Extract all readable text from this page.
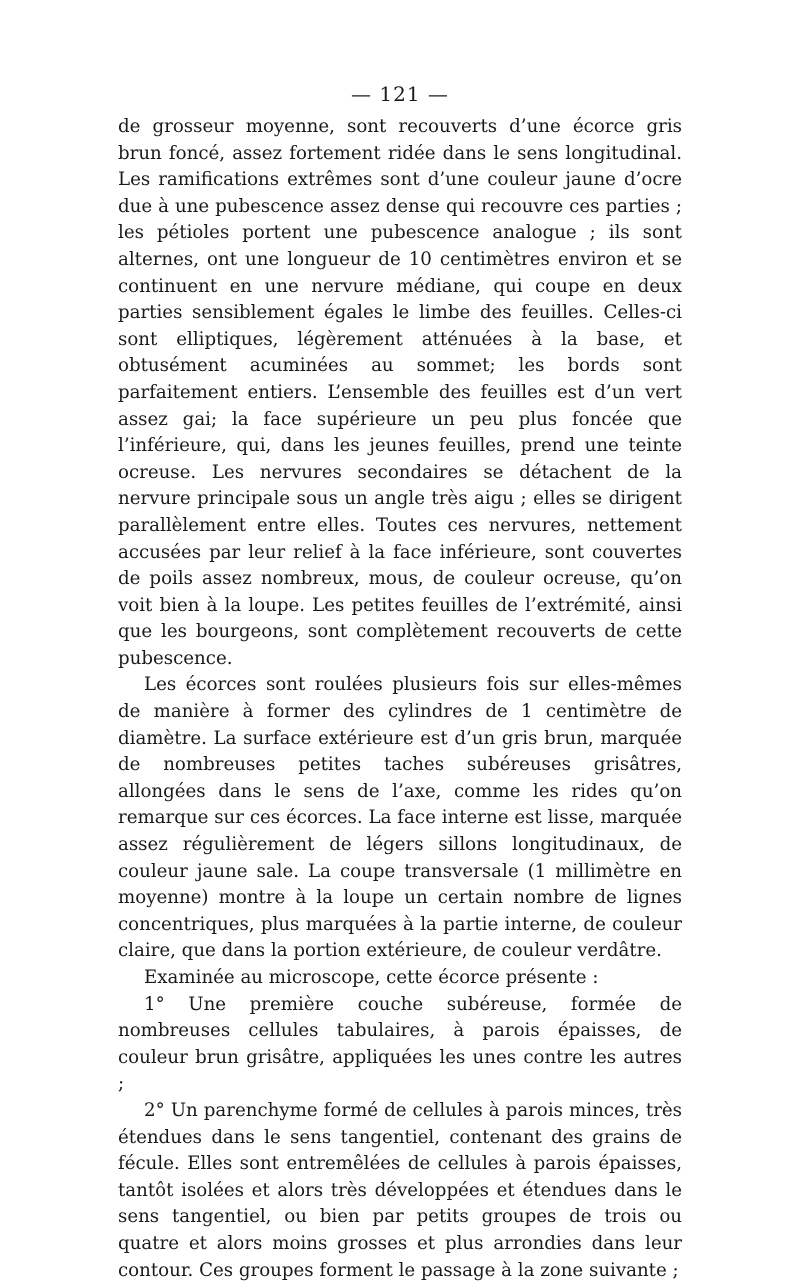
— 121 —

de grosseur moyenne, sont recouverts d’une écorce gris brun foncé, assez fortement ridée dans le sens longitudinal. Les ramifications extrêmes sont d’une couleur jaune d’ocre due à une pubescence assez dense qui recouvre ces parties ; les pétioles portent une pubescence analogue ; ils sont alternes, ont une longueur de 10 centimètres environ et se continuent en une nervure médiane, qui coupe en deux parties sensiblement égales le limbe des feuilles. Celles-ci sont elliptiques, légèrement atténuées à la base, et obtusément acuminées au sommet; les bords sont parfaitement entiers. L’ensemble des feuilles est d’un vert assez gai; la face supérieure un peu plus foncée que l’inférieure, qui, dans les jeunes feuilles, prend une teinte ocreuse. Les nervures secondaires se détachent de la nervure principale sous un angle très aigu ; elles se dirigent parallèlement entre elles. Toutes ces nervures, nettement accusées par leur relief à la face inférieure, sont couvertes de poils assez nombreux, mous, de couleur ocreuse, qu’on voit bien à la loupe. Les petites feuilles de l’extrémité, ainsi que les bourgeons, sont complètement recouverts de cette pubescence.

Les écorces sont roulées plusieurs fois sur elles-mêmes de manière à former des cylindres de 1 centimètre de diamètre. La surface extérieure est d’un gris brun, marquée de nombreuses petites taches subéreuses grisâtres, allongées dans le sens de l’axe, comme les rides qu’on remarque sur ces écorces. La face interne est lisse, marquée assez régulièrement de légers sillons longitudinaux, de couleur jaune sale. La coupe transversale (1 millimètre en moyenne) montre à la loupe un certain nombre de lignes concentriques, plus marquées à la partie interne, de couleur claire, que dans la portion extérieure, de couleur verdâtre.

Examinée au microscope, cette écorce présente :

1° Une première couche subéreuse, formée de nombreuses cellules tabulaires, à parois épaisses, de couleur brun grisâtre, appliquées les unes contre les autres ;

2° Un parenchyme formé de cellules à parois minces, très étendues dans le sens tangentiel, contenant des grains de fécule. Elles sont entremêlées de cellules à parois épaisses, tantôt isolées et alors très développées et étendues dans le sens tangentiel, ou bien par petits groupes de trois ou quatre et alors moins grosses et plus arrondies dans leur contour. Ces groupes forment le passage à la zone suivante ;
